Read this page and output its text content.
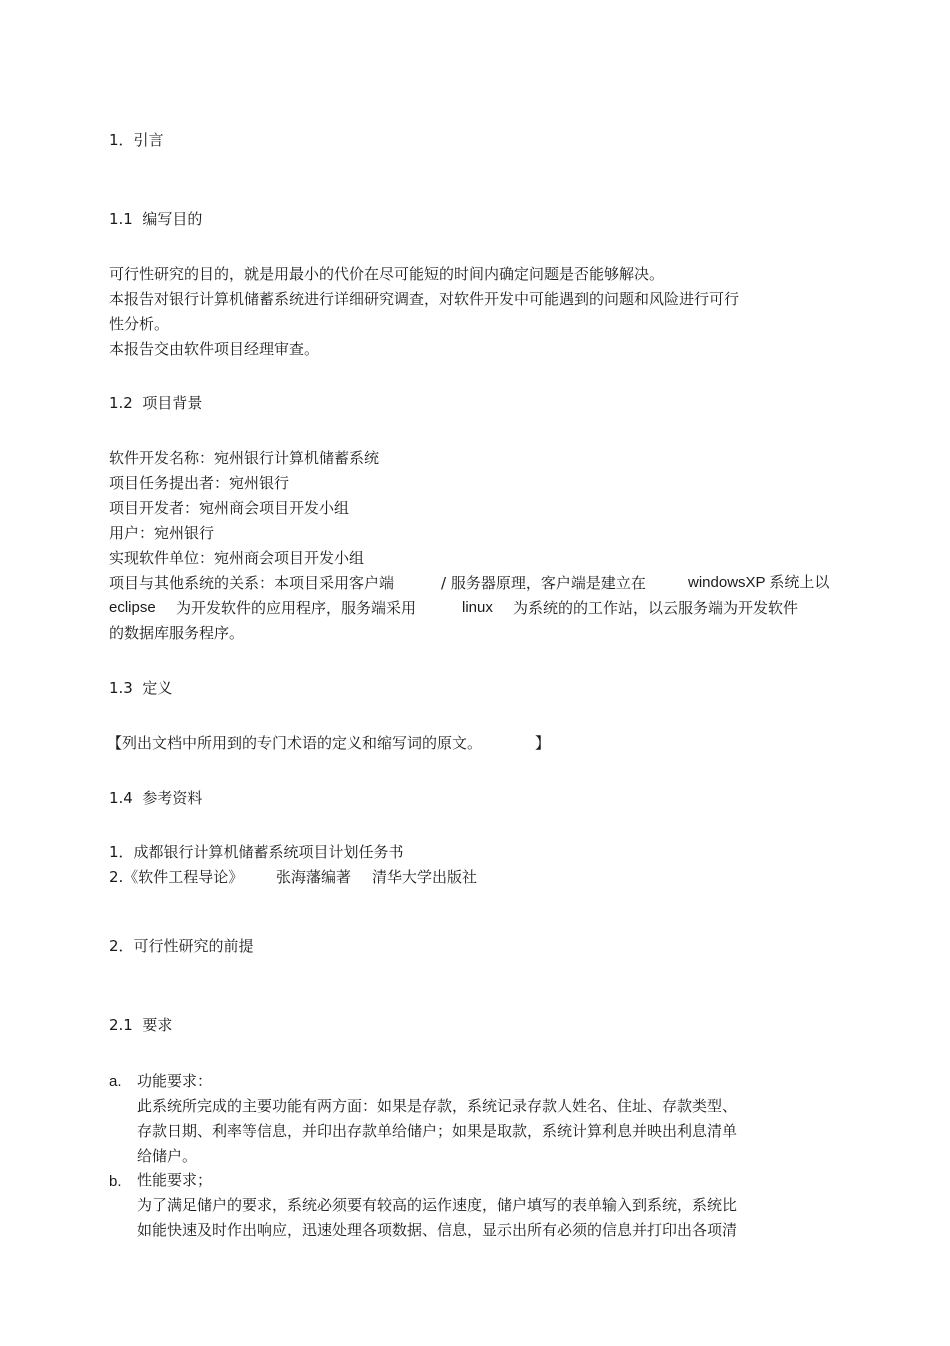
1．引言
1.1  编写目的
可行性研究的目的，就是用最小的代价在尽可能短的时间内确定问题是否能够解决。
本报告对银行计算机储蓄系统进行详细研究调查，对软件开发中可能遇到的问题和风险进行可行
性分析。
本报告交由软件项目经理审查。
1.2  项目背景
软件开发名称：宛州银行计算机储蓄系统
项目任务提出者：宛州银行
项目开发者：宛州商会项目开发小组
用户：宛州银行
实现软件单位：宛州商会项目开发小组
项目与其他系统的关系：本项目采用客户端	/ 服务器原理，客户端是建立在	windowsXP 系统上以
eclipse 为开发软件的应用程序，服务端采用	linux 为系统的的工作站，以云服务端为开发软件
的数据库服务程序。
1.3  定义
【列出文档中所用到的专门术语的定义和缩写词的原文。	】
1.4  参考资料
1．成都银行计算机储蓄系统项目计划任务书
2.《软件工程导论》 张海藩编著 清华大学出版社
2．可行性研究的前提
2.1  要求
a. 功能要求：
此系统所完成的主要功能有两方面：如果是存款，系统记录存款人姓名、住址、存款类型、
存款日期、利率等信息，并印出存款单给储户；如果是取款，系统计算利息并映出利息清单
给储户。
b. 性能要求；
为了满足储户的要求，系统必须要有较高的运作速度，储户填写的表单输入到系统，系统比
如能快速及时作出响应，迅速处理各项数据、信息，显示出所有必须的信息并打印出各项清
